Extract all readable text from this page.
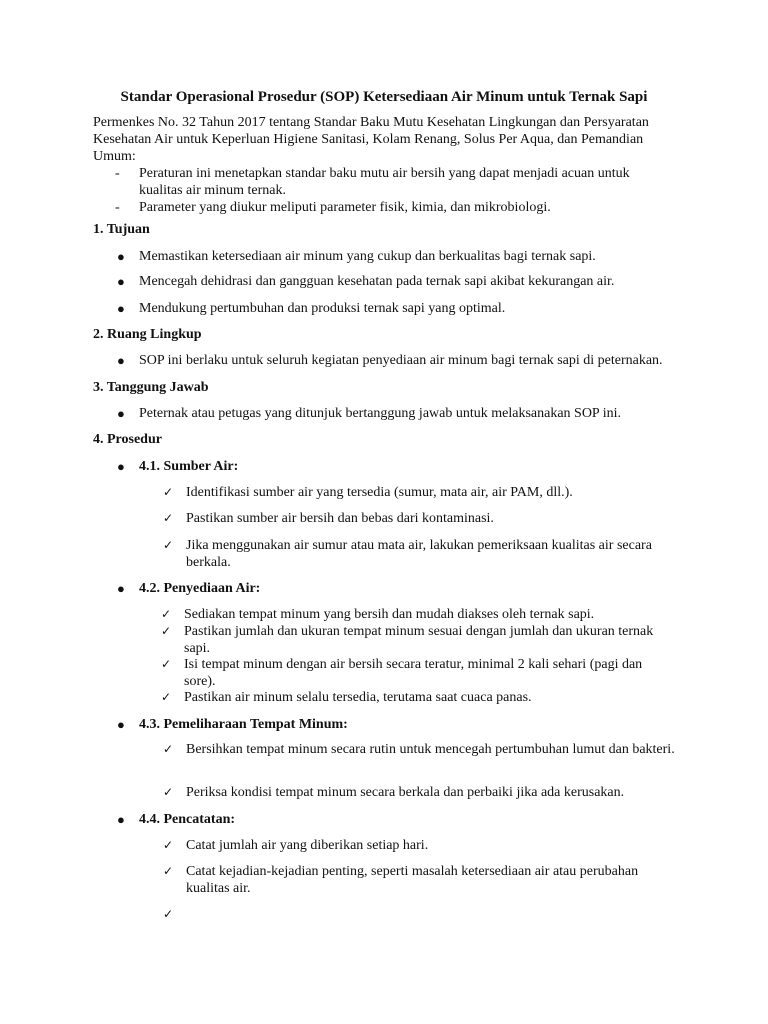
Standar Operasional Prosedur (SOP) Ketersediaan Air Minum untuk Ternak Sapi

Permenkes No. 32 Tahun 2017 tentang Standar Baku Mutu Kesehatan Lingkungan dan Persyaratan Kesehatan Air untuk Keperluan Higiene Sanitasi, Kolam Renang, Solus Per Aqua, dan Pemandian Umum:

- Peraturan ini menetapkan standar baku mutu air bersih yang dapat menjadi acuan untuk kualitas air minum ternak.
- Parameter yang diukur meliputi parameter fisik, kimia, dan mikrobiologi.
1. Tujuan
● Memastikan ketersediaan air minum yang cukup dan berkualitas bagi ternak sapi.
● Mencegah dehidrasi dan gangguan kesehatan pada ternak sapi akibat kekurangan air.
● Mendukung pertumbuhan dan produksi ternak sapi yang optimal.
2. Ruang Lingkup
● SOP ini berlaku untuk seluruh kegiatan penyediaan air minum bagi ternak sapi di peternakan.
3. Tanggung Jawab
● Peternak atau petugas yang ditunjuk bertanggung jawab untuk melaksanakan SOP ini.
4. Prosedur
● 4.1. Sumber Air:
✓ Identifikasi sumber air yang tersedia (sumur, mata air, air PAM, dll.).
✓ Pastikan sumber air bersih dan bebas dari kontaminasi.
✓ Jika menggunakan air sumur atau mata air, lakukan pemeriksaan kualitas air secara berkala.
● 4.2. Penyediaan Air:
✓ Sediakan tempat minum yang bersih dan mudah diakses oleh ternak sapi.
✓ Pastikan jumlah dan ukuran tempat minum sesuai dengan jumlah dan ukuran ternak sapi.
✓ Isi tempat minum dengan air bersih secara teratur, minimal 2 kali sehari (pagi dan sore).
✓ Pastikan air minum selalu tersedia, terutama saat cuaca panas.
● 4.3. Pemeliharaan Tempat Minum:
✓ Bersihkan tempat minum secara rutin untuk mencegah pertumbuhan lumut dan bakteri.
✓ Periksa kondisi tempat minum secara berkala dan perbaiki jika ada kerusakan.
● 4.4. Pencatatan:
✓ Catat jumlah air yang diberikan setiap hari.
✓ Catat kejadian-kejadian penting, seperti masalah ketersediaan air atau perubahan kualitas air.
✓
